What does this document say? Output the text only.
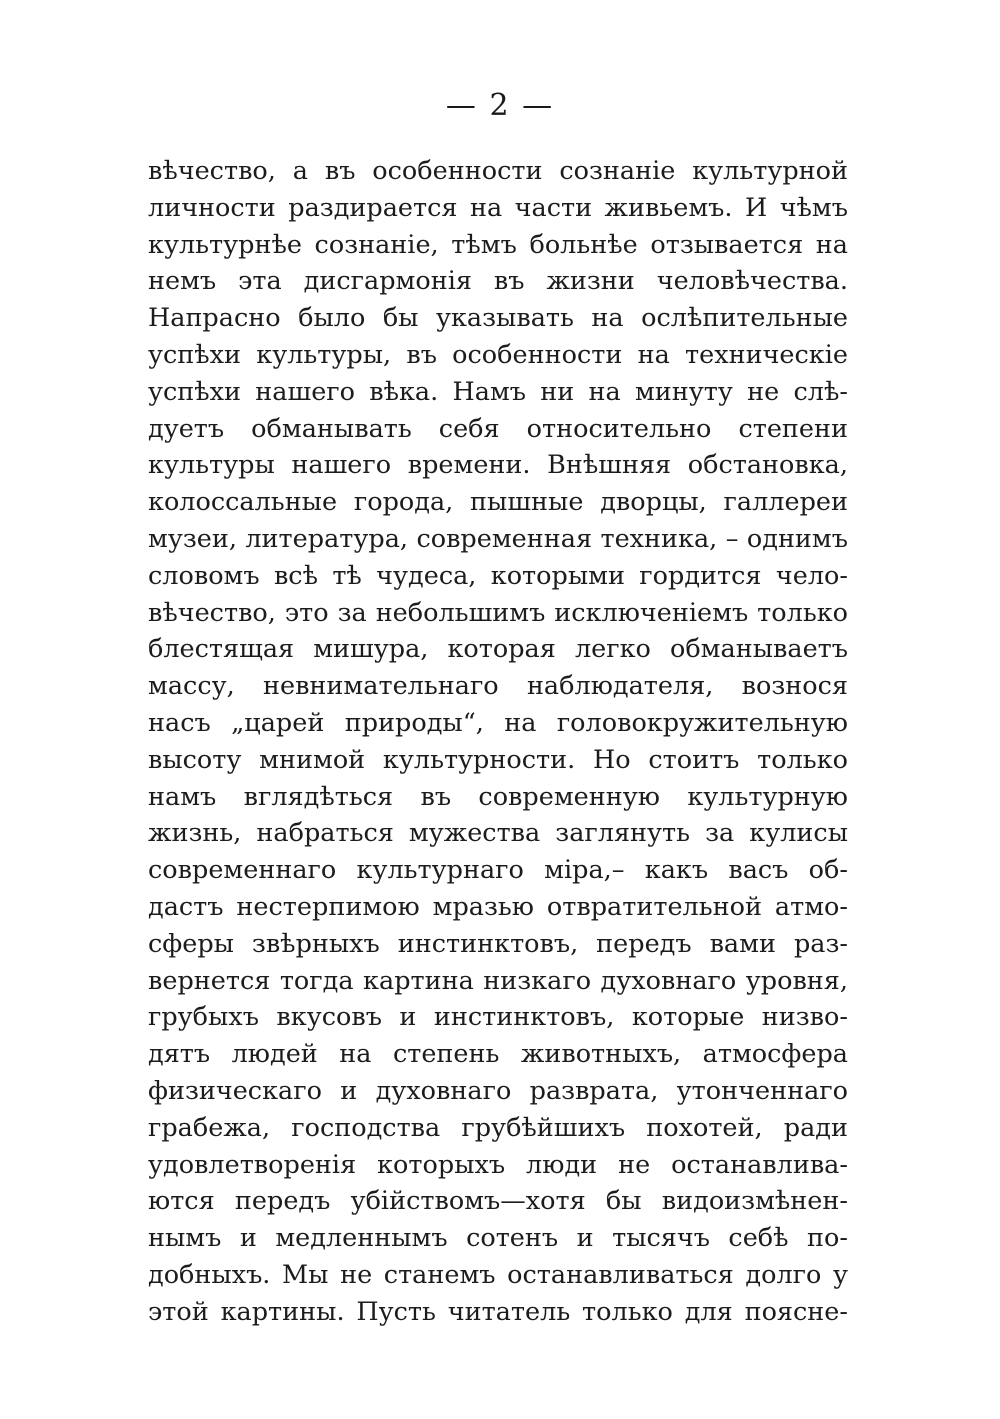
— 2 —
вѣчество, а въ особенности сознаніе культурной
личности раздирается на части живьемъ. И чѣмъ
культурнѣе сознаніе, тѣмъ больнѣе отзывается на
немъ эта дисгармонія въ жизни человѣчества.
Напрасно было бы указывать на ослѣпительные
успѣхи культуры, въ особенности на техническіе
успѣхи нашего вѣка. Намъ ни на минуту не слѣ-
дуетъ обманывать себя относительно степени
культуры нашего времени. Внѣшняя обстановка,
колоссальные города, пышные дворцы, галлереи
музеи, литература, современная техника, – однимъ
словомъ всѣ тѣ чудеса, которыми гордится чело-
вѣчество, это за небольшимъ исключеніемъ только
блестящая мишура, которая легко обманываетъ
массу, невнимательнаго наблюдателя, вознося
насъ „царей природы“, на головокружительную
высоту мнимой культурности. Но стоитъ только
намъ вглядѣться въ современную культурную
жизнь, набраться мужества заглянуть за кулисы
современнаго культурнаго міра,– какъ васъ об-
дастъ нестерпимою мразью отвратительной атмо-
сферы звѣрныхъ инстинктовъ, передъ вами раз-
вернется тогда картина низкаго духовнаго уровня,
грубыхъ вкусовъ и инстинктовъ, которые низво-
дятъ людей на степень животныхъ, атмосфера
физическаго и духовнаго разврата, утонченнаго
грабежа, господства грубѣйшихъ похотей, ради
удовлетворенія которыхъ люди не останавлива-
ются передъ убійствомъ—хотя бы видоизмѣнен-
нымъ и медленнымъ сотенъ и тысячъ себѣ по-
добныхъ. Мы не станемъ останавливаться долго у
этой картины. Пусть читатель только для поясне-
